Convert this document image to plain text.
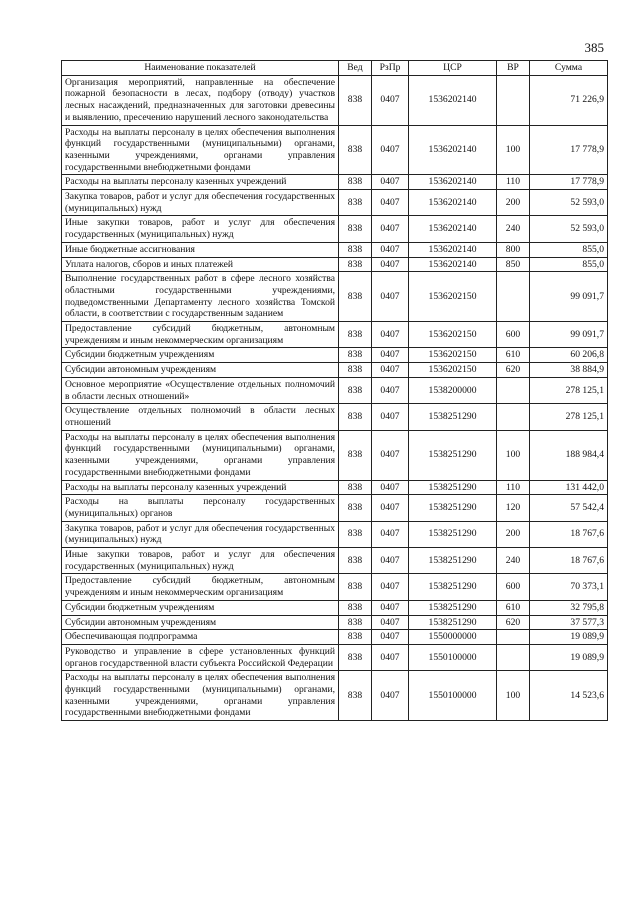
385
Наименование показателей	Вед	РзПр	ЦСР	ВР	Сумма
Организация мероприятий, направленные на обеспечение пожарной безопасности в лесах, подбору (отводу) участков лесных насаждений, предназначенных для заготовки древесины и выявлению, пресечению нарушений лесного законодательства	838	0407	1536202140		71 226,9
Расходы на выплаты персоналу в целях обеспечения выполнения функций государственными (муниципальными) органами, казенными учреждениями, органами управления государственными внебюджетными фондами	838	0407	1536202140	100	17 778,9
Расходы на выплаты персоналу казенных учреждений	838	0407	1536202140	110	17 778,9
Закупка товаров, работ и услуг для обеспечения государственных (муниципальных) нужд	838	0407	1536202140	200	52 593,0
Иные закупки товаров, работ и услуг для обеспечения государственных (муниципальных) нужд	838	0407	1536202140	240	52 593,0
Иные бюджетные ассигнования	838	0407	1536202140	800	855,0
Уплата налогов, сборов и иных платежей	838	0407	1536202140	850	855,0
Выполнение государственных работ в сфере лесного хозяйства областными государственными учреждениями, подведомственными Департаменту лесного хозяйства Томской области, в соответствии с государственным заданием	838	0407	1536202150		99 091,7
Предоставление субсидий бюджетным, автономным учреждениям и иным некоммерческим организациям	838	0407	1536202150	600	99 091,7
Субсидии бюджетным учреждениям	838	0407	1536202150	610	60 206,8
Субсидии автономным учреждениям	838	0407	1536202150	620	38 884,9
Основное мероприятие «Осуществление отдельных полномочий в области лесных отношений»	838	0407	1538200000		278 125,1
Осуществление отдельных полномочий в области лесных отношений	838	0407	1538251290		278 125,1
Расходы на выплаты персоналу в целях обеспечения выполнения функций государственными (муниципальными) органами, казенными учреждениями, органами управления государственными внебюджетными фондами	838	0407	1538251290	100	188 984,4
Расходы на выплаты персоналу казенных учреждений	838	0407	1538251290	110	131 442,0
Расходы на выплаты персоналу государственных (муниципальных) органов	838	0407	1538251290	120	57 542,4
Закупка товаров, работ и услуг для обеспечения государственных (муниципальных) нужд	838	0407	1538251290	200	18 767,6
Иные закупки товаров, работ и услуг для обеспечения государственных (муниципальных) нужд	838	0407	1538251290	240	18 767,6
Предоставление субсидий бюджетным, автономным учреждениям и иным некоммерческим организациям	838	0407	1538251290	600	70 373,1
Субсидии бюджетным учреждениям	838	0407	1538251290	610	32 795,8
Субсидии автономным учреждениям	838	0407	1538251290	620	37 577,3
Обеспечивающая подпрограмма	838	0407	1550000000		19 089,9
Руководство и управление в сфере установленных функций органов государственной власти субъекта Российской Федерации	838	0407	1550100000		19 089,9
Расходы на выплаты персоналу в целях обеспечения выполнения функций государственными (муниципальными) органами, казенными учреждениями, органами управления государственными внебюджетными фондами	838	0407	1550100000	100	14 523,6
